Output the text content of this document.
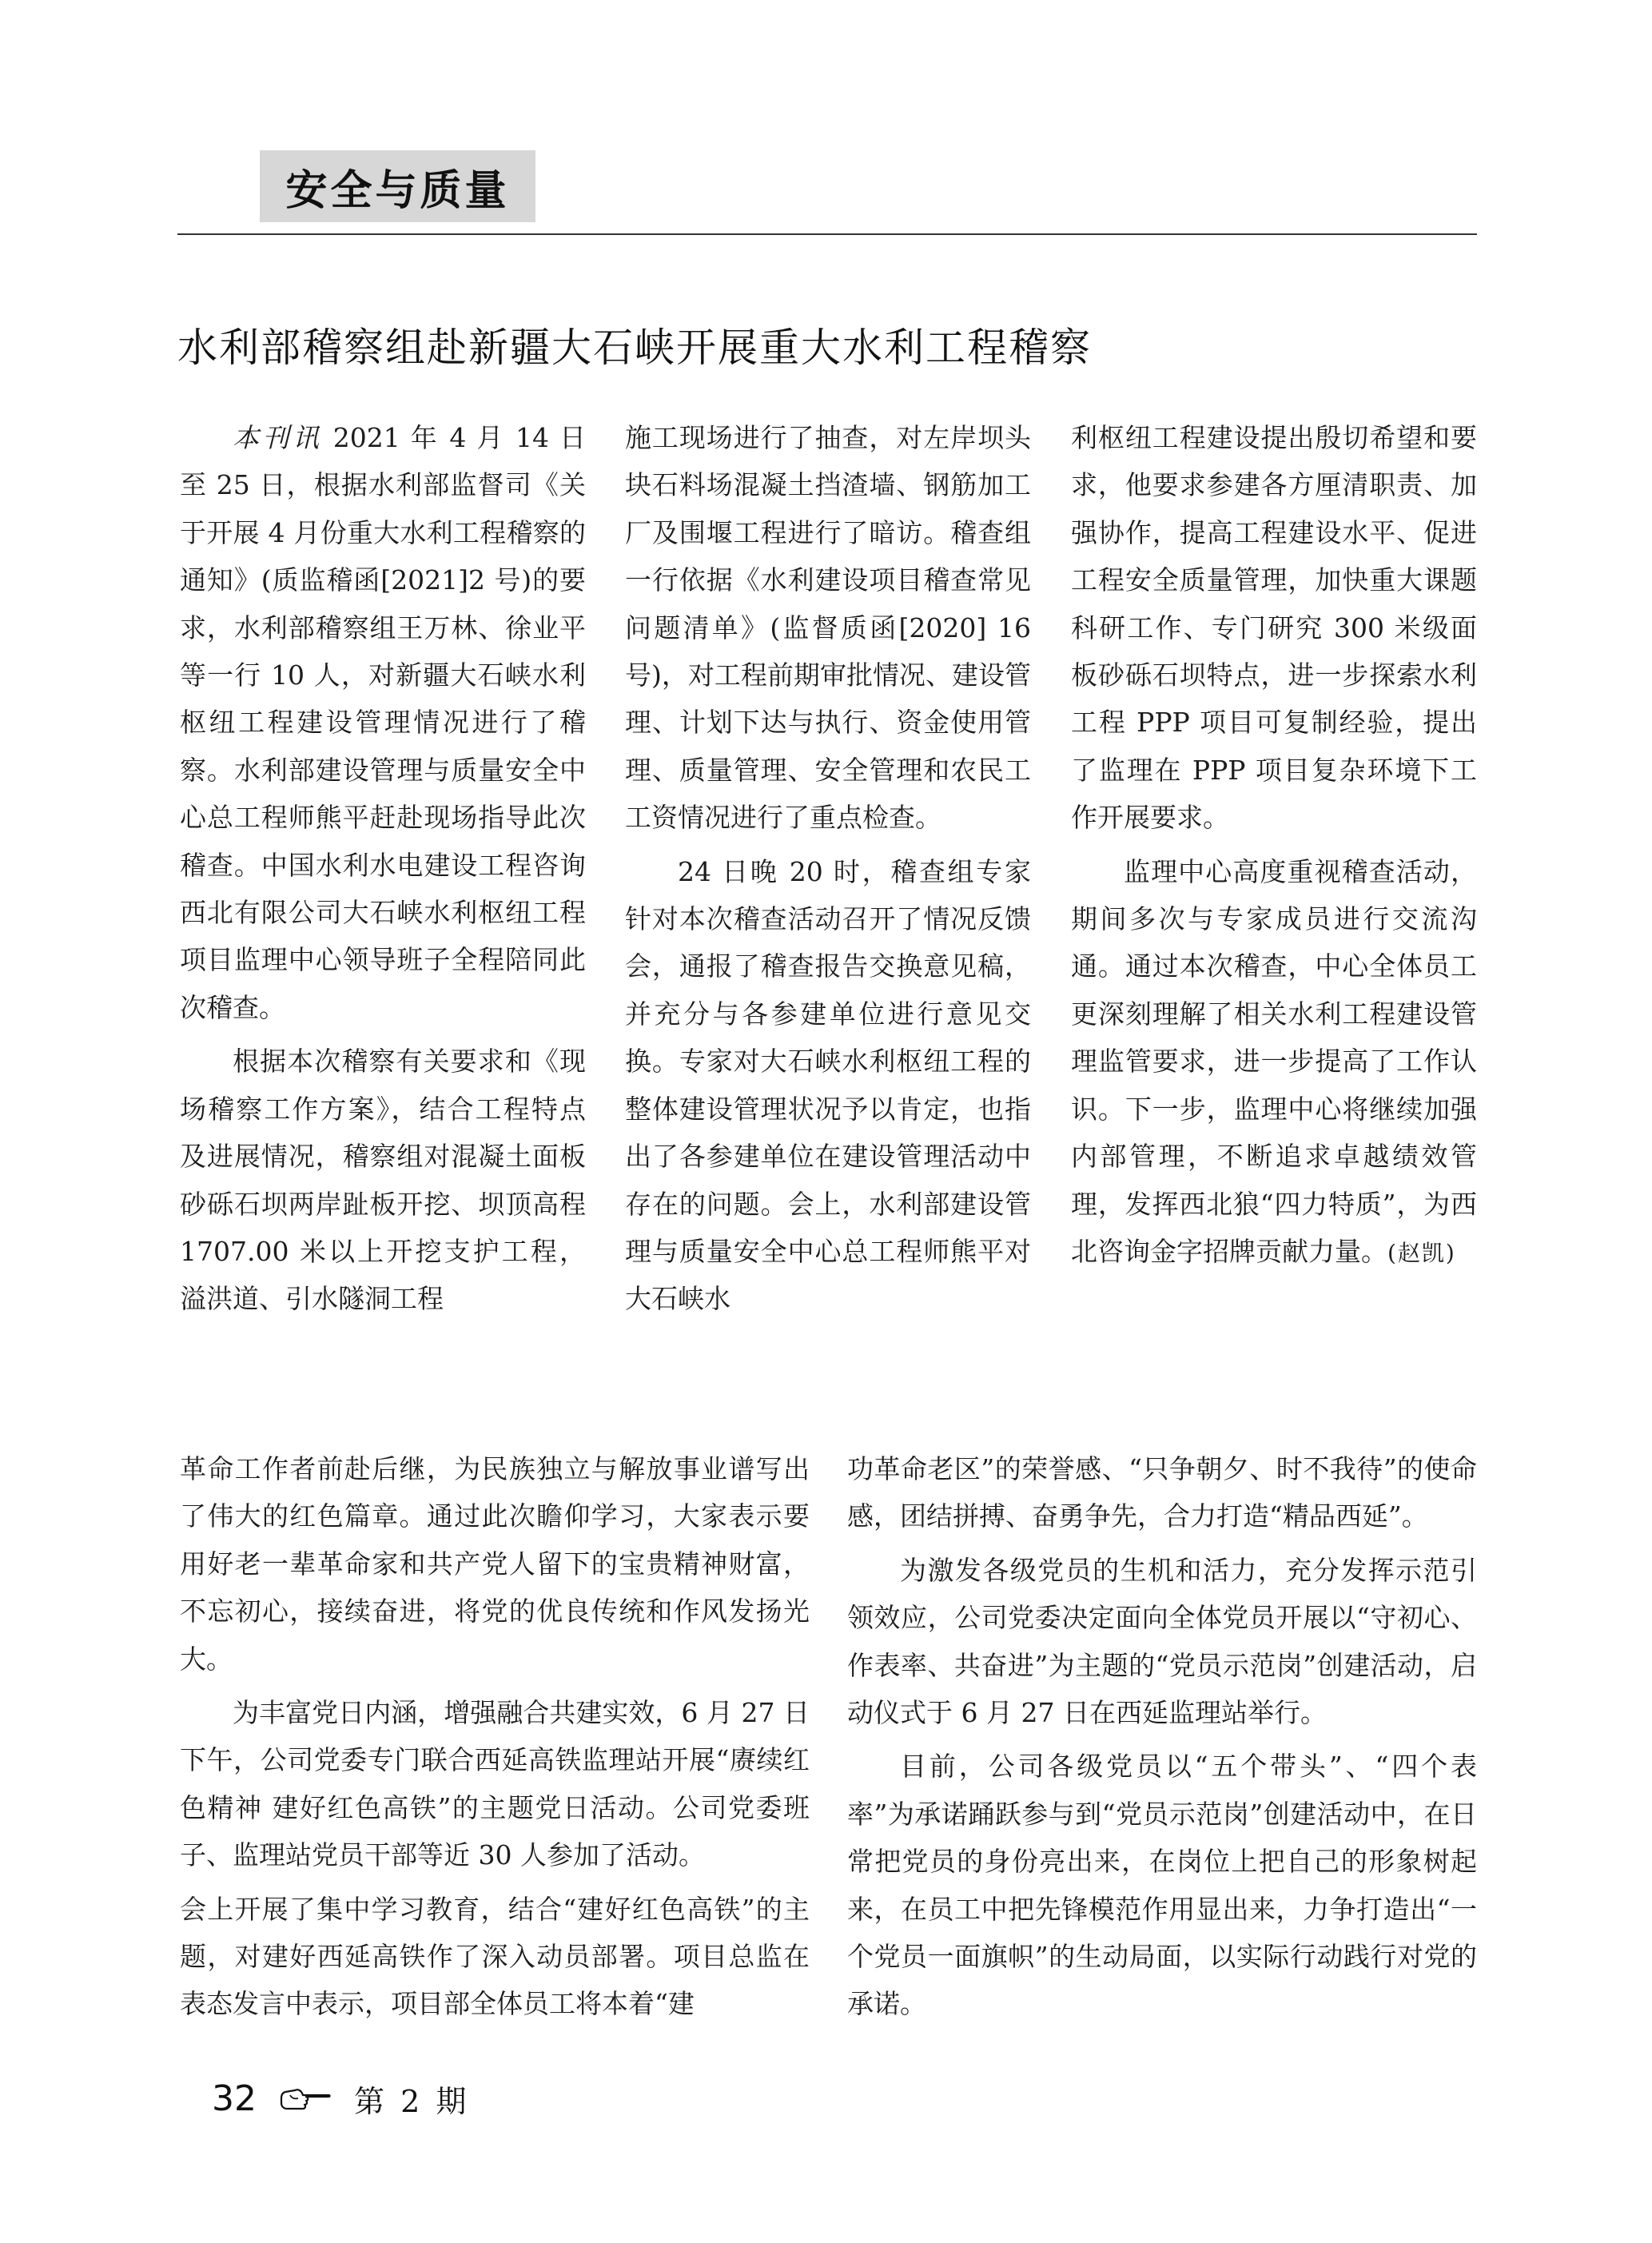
安全与质量
水利部稽察组赴新疆大石峡开展重大水利工程稽察

本刊讯 2021 年 4 月 14 日至 25 日，根据水利部监督司《关于开展 4 月份重大水利工程稽察的通知》(质监稽函[2021]2 号)的要求，水利部稽察组王万林、徐业平等一行 10 人，对新疆大石峡水利枢纽工程建设管理情况进行了稽察。水利部建设管理与质量安全中心总工程师熊平赶赴现场指导此次稽查。中国水利水电建设工程咨询西北有限公司大石峡水利枢纽工程项目监理中心领导班子全程陪同此次稽查。

根据本次稽察有关要求和《现场稽察工作方案》，结合工程特点及进展情况，稽察组对混凝土面板砂砾石坝两岸趾板开挖、坝顶高程 1707.00 米以上开挖支护工程，溢洪道、引水隧洞工程

施工现场进行了抽查，对左岸坝头块石料场混凝土挡渣墙、钢筋加工厂及围堰工程进行了暗访。稽查组一行依据《水利建设项目稽查常见问题清单》(监督质函[2020] 16 号)，对工程前期审批情况、建设管理、计划下达与执行、资金使用管理、质量管理、安全管理和农民工工资情况进行了重点检查。

24 日晚 20 时，稽查组专家针对本次稽查活动召开了情况反馈会，通报了稽查报告交换意见稿，并充分与各参建单位进行意见交换。专家对大石峡水利枢纽工程的整体建设管理状况予以肯定，也指出了各参建单位在建设管理活动中存在的问题。会上，水利部建设管理与质量安全中心总工程师熊平对大石峡水

利枢纽工程建设提出殷切希望和要求，他要求参建各方厘清职责、加强协作，提高工程建设水平、促进工程安全质量管理，加快重大课题科研工作、专门研究 300 米级面板砂砾石坝特点，进一步探索水利工程 PPP 项目可复制经验，提出了监理在 PPP 项目复杂环境下工作开展要求。

监理中心高度重视稽查活动，期间多次与专家成员进行交流沟通。通过本次稽查，中心全体员工更深刻理解了相关水利工程建设管理监管要求，进一步提高了工作认识。下一步，监理中心将继续加强内部管理，不断追求卓越绩效管理，发挥西北狼“四力特质”，为西北咨询金字招牌贡献力量。(赵凯)

革命工作者前赴后继，为民族独立与解放事业谱写出了伟大的红色篇章。通过此次瞻仰学习，大家表示要用好老一辈革命家和共产党人留下的宝贵精神财富，不忘初心，接续奋进，将党的优良传统和作风发扬光大。

为丰富党日内涵，增强融合共建实效，6 月 27 日下午，公司党委专门联合西延高铁监理站开展“赓续红色精神 建好红色高铁”的主题党日活动。公司党委班子、监理站党员干部等近 30 人参加了活动。

会上开展了集中学习教育，结合“建好红色高铁”的主题，对建好西延高铁作了深入动员部署。项目总监在表态发言中表示，项目部全体员工将本着“建

功革命老区”的荣誉感、“只争朝夕、时不我待”的使命感，团结拼搏、奋勇争先，合力打造“精品西延”。

为激发各级党员的生机和活力，充分发挥示范引领效应，公司党委决定面向全体党员开展以“守初心、作表率、共奋进”为主题的“党员示范岗”创建活动，启动仪式于 6 月 27 日在西延监理站举行。

目前，公司各级党员以“五个带头”、“四个表率”为承诺踊跃参与到“党员示范岗”创建活动中，在日常把党员的身份亮出来，在岗位上把自己的形象树起来，在员工中把先锋模范作用显出来，力争打造出“一个党员一面旗帜”的生动局面，以实际行动践行对党的承诺。

32	第 2 期
